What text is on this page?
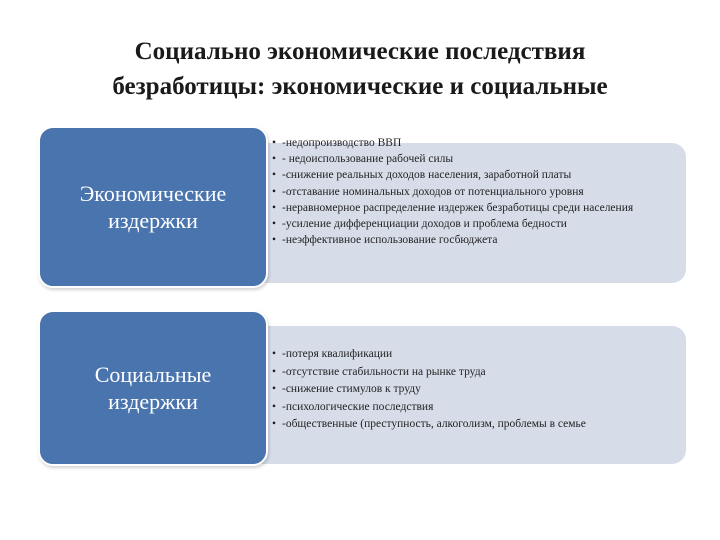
Социально экономические последствия
безработицы: экономические и социальные
• -недопроизводство ВВП
• - недоиспользование рабочей силы
• -снижение реальных доходов населения, заработной платы
• -отставание номинальных доходов от потенциального уровня
• -неравномерное распределение издержек безработицы среди населения
• -усиление дифференциации доходов и проблема бедности
• -неэффективное использование госбюджета
Экономические
издержки
• -потеря квалификации
• -отсутствие стабильности на рынке труда
• -снижение стимулов к труду
• -психологические последствия
• -общественные (преступность, алкоголизм, проблемы в семье
Социальные
издержки
